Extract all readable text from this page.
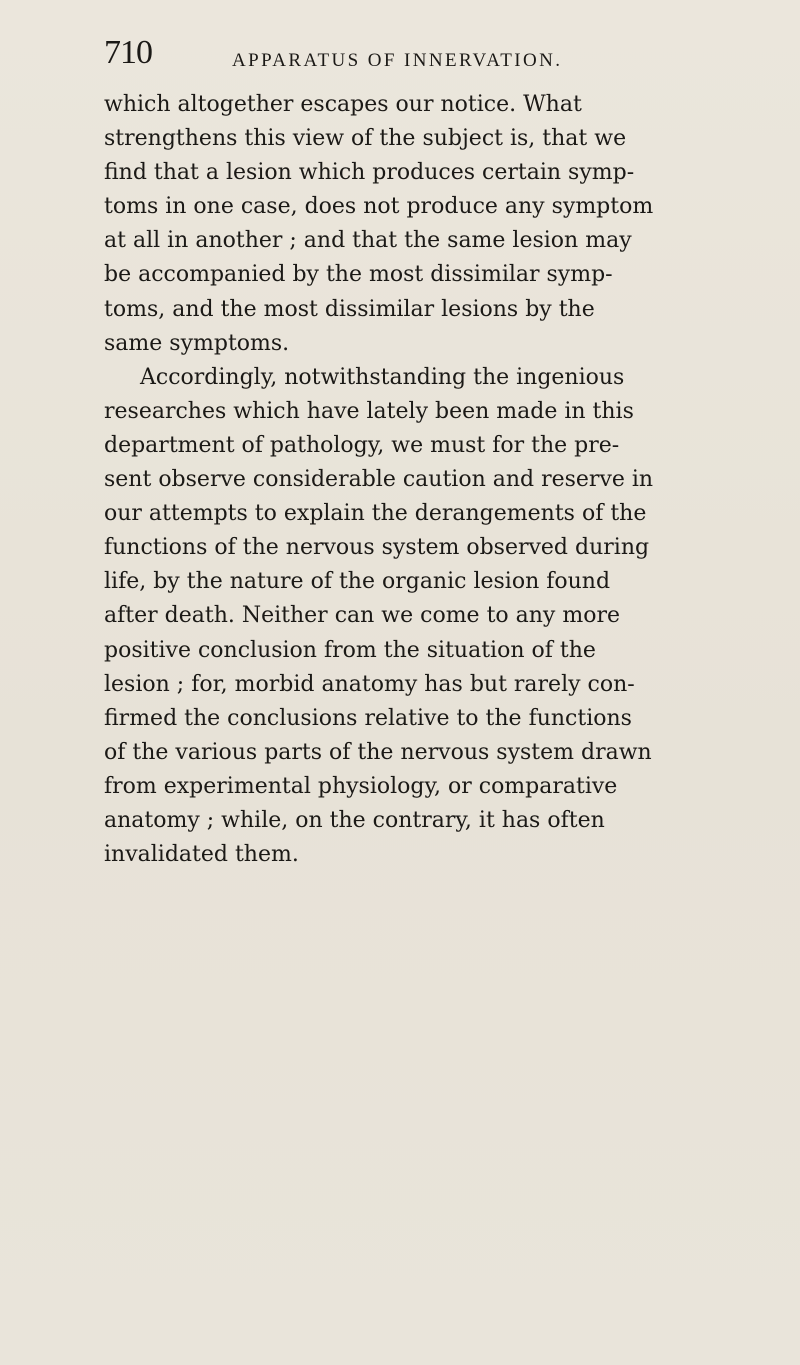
710	APPARATUS OF INNERVATION.
which altogether escapes our notice. What
strengthens this view of the subject is, that we
find that a lesion which produces certain symp-
toms in one case, does not produce any symptom
at all in another ; and that the same lesion may
be accompanied by the most dissimilar symp-
toms, and the most dissimilar lesions by the
same symptoms.
Accordingly, notwithstanding the ingenious
researches which have lately been made in this
department of pathology, we must for the pre-
sent observe considerable caution and reserve in
our attempts to explain the derangements of the
functions of the nervous system observed during
life, by the nature of the organic lesion found
after death. Neither can we come to any more
positive conclusion from the situation of the
lesion ; for, morbid anatomy has but rarely con-
firmed the conclusions relative to the functions
of the various parts of the nervous system drawn
from experimental physiology, or comparative
anatomy ; while, on the contrary, it has often
invalidated them.
